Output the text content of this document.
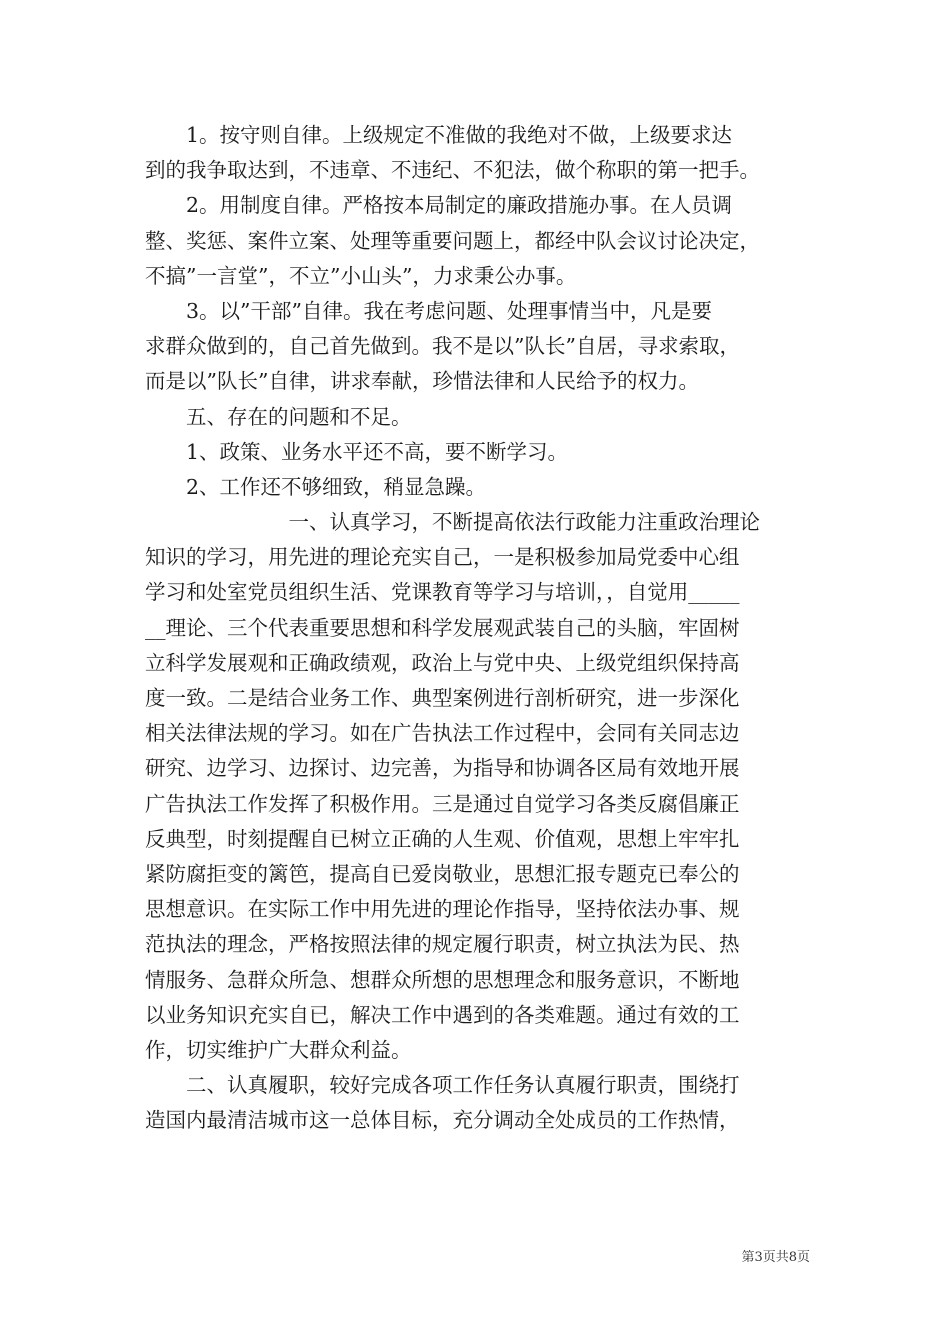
　　1。按守则自律。上级规定不准做的我绝对不做，上级要求达
到的我争取达到，不违章、不违纪、不犯法，做个称职的第一把手。
　　2。用制度自律。严格按本局制定的廉政措施办事。在人员调
整、奖惩、案件立案、处理等重要问题上，都经中队会议讨论决定，
不搞”一言堂”，不立”小山头”，力求秉公办事。
　　3。以”干部”自律。我在考虑问题、处理事情当中，凡是要
求群众做到的，自己首先做到。我不是以”队长”自居，寻求索取，
而是以”队长”自律，讲求奉献，珍惜法律和人民给予的权力。
　　五、存在的问题和不足。
　　1、政策、业务水平还不高，要不断学习。
　　2、工作还不够细致，稍显急躁。
　　　　　　　一、认真学习，不断提高依法行政能力注重政治理论
知识的学习，用先进的理论充实自己，一是积极参加局党委中心组
学习和处室党员组织生活、党课教育等学习与培训，，自觉用_____
__理论、三个代表重要思想和科学发展观武装自己的头脑，牢固树
立科学发展观和正确政绩观，政治上与党中央、上级党组织保持高
度一致。二是结合业务工作、典型案例进行剖析研究，进一步深化
相关法律法规的学习。如在广告执法工作过程中，会同有关同志边
研究、边学习、边探讨、边完善，为指导和协调各区局有效地开展
广告执法工作发挥了积极作用。三是通过自觉学习各类反腐倡廉正
反典型，时刻提醒自已树立正确的人生观、价值观，思想上牢牢扎
紧防腐拒变的篱笆，提高自已爱岗敬业，思想汇报专题克已奉公的
思想意识。在实际工作中用先进的理论作指导，坚持依法办事、规
范执法的理念，严格按照法律的规定履行职责，树立执法为民、热
情服务、急群众所急、想群众所想的思想理念和服务意识，不断地
以业务知识充实自已，解决工作中遇到的各类难题。通过有效的工
作，切实维护广大群众利益。
　　二、认真履职，较好完成各项工作任务认真履行职责，围绕打
造国内最清洁城市这一总体目标，充分调动全处成员的工作热情，
第3页共8页
